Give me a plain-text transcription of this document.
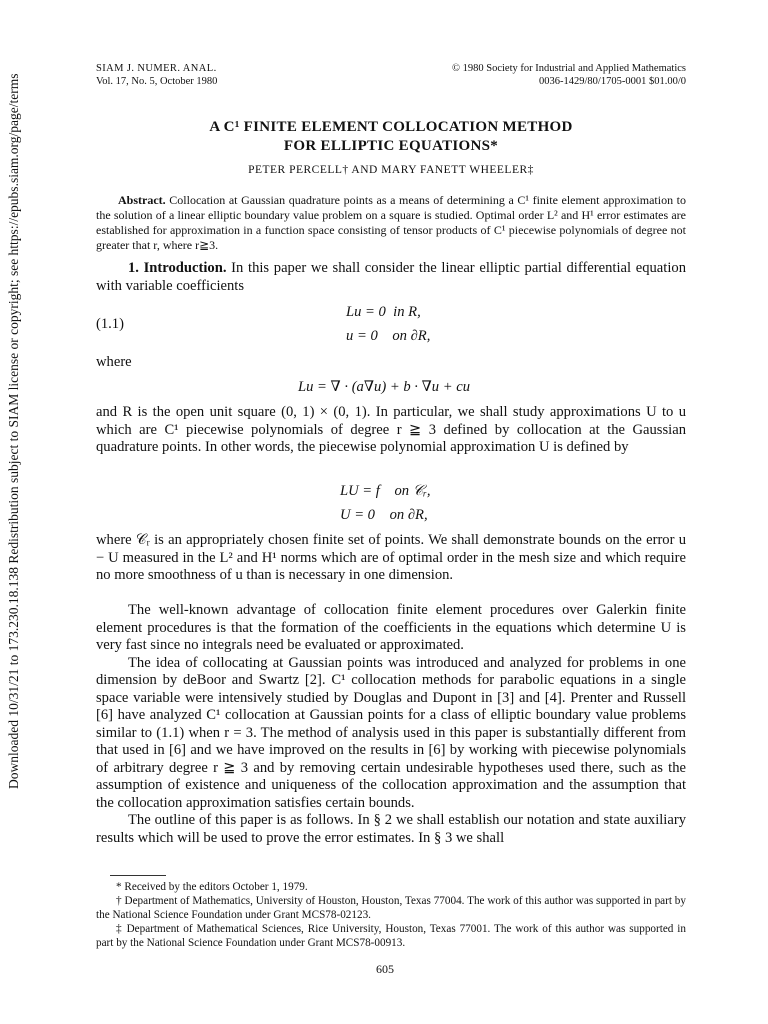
Downloaded 10/31/21 to 173.230.18.138 Redistribution subject to SIAM license or copyright; see https://epubs.siam.org/page/terms
SIAM J. NUMER. ANAL.
Vol. 17, No. 5, October 1980
© 1980 Society for Industrial and Applied Mathematics
0036-1429/80/1705-0001 $01.00/0
A C¹ FINITE ELEMENT COLLOCATION METHOD
FOR ELLIPTIC EQUATIONS*
PETER PERCELL† AND MARY FANETT WHEELER‡
Abstract. Collocation at Gaussian quadrature points as a means of determining a C¹ finite element approximation to the solution of a linear elliptic boundary value problem on a square is studied. Optimal order L² and H¹ error estimates are established for approximation in a function space consisting of tensor products of C¹ piecewise polynomials of degree not greater that r, where r≧3.

1. Introduction. In this paper we shall consider the linear elliptic partial differential equation with variable coefficients

(1.1)
Lu = 0  in R,
u = 0    on ∂R,
where
Lu = ∇ · (a∇u) + b · ∇u + cu
and R is the open unit square (0, 1) × (0, 1). In particular, we shall study approximations U to u which are C¹ piecewise polynomials of degree r ≧ 3 defined by collocation at the Gaussian quadrature points. In other words, the piecewise polynomial approximation U is defined by
LU = f    on 𝒞ᵣ,
U = 0    on ∂R,
where 𝒞ᵣ is an appropriately chosen finite set of points. We shall demonstrate bounds on the error u − U measured in the L² and H¹ norms which are of optimal order in the mesh size and which require no more smoothness of u than is necessary in one dimension.

The well-known advantage of collocation finite element procedures over Galerkin finite element procedures is that the formation of the coefficients in the equations which determine U is very fast since no integrals need be evaluated or approximated.

The idea of collocating at Gaussian points was introduced and analyzed for problems in one dimension by deBoor and Swartz [2]. C¹ collocation methods for parabolic equations in a single space variable were intensively studied by Douglas and Dupont in [3] and [4]. Prenter and Russell [6] have analyzed C¹ collocation at Gaussian points for a class of elliptic boundary value problems similar to (1.1) when r = 3. The method of analysis used in this paper is substantially different from that used in [6] and we have improved on the results in [6] by working with piecewise polynomials of arbitrary degree r ≧ 3 and by removing certain undesirable hypotheses used there, such as the assumption of existence and uniqueness of the collocation approximation and the assumption that the collocation approximation satisfies certain bounds.

The outline of this paper is as follows. In § 2 we shall establish our notation and state auxiliary results which will be used to prove the error estimates. In § 3 we shall

* Received by the editors October 1, 1979.

† Department of Mathematics, University of Houston, Houston, Texas 77004. The work of this author was supported in part by the National Science Foundation under Grant MCS78-02123.

‡ Department of Mathematical Sciences, Rice University, Houston, Texas 77001. The work of this author was supported in part by the National Science Foundation under Grant MCS78-00913.

605
